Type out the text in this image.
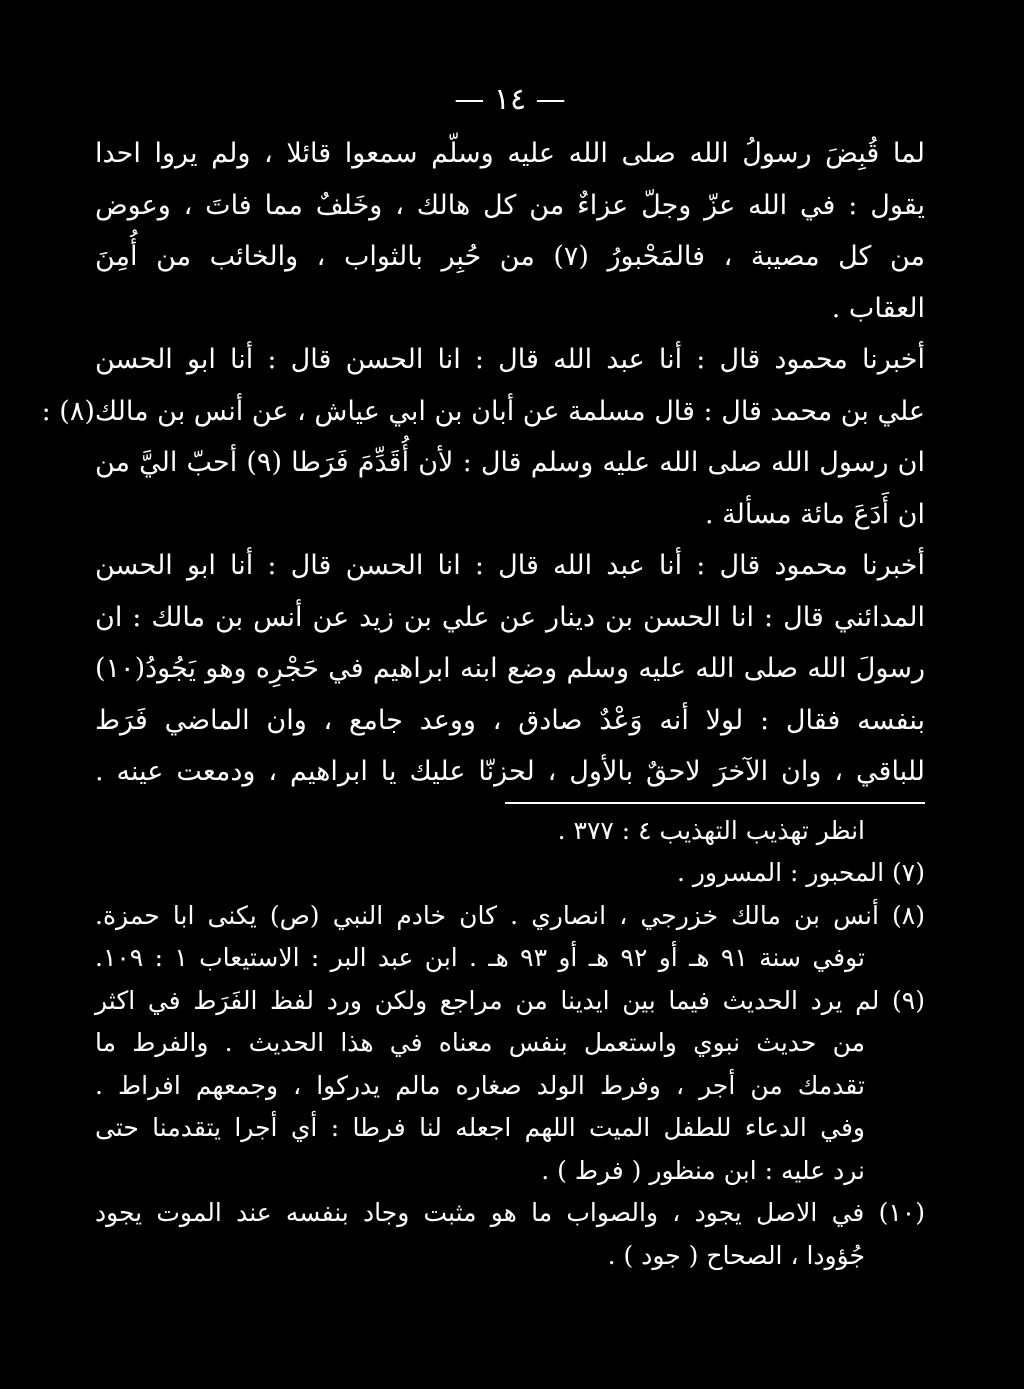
— ١٤ —
لما قُبِضَ رسولُ الله صلى الله عليه وسلّم سمعوا قائلا ، ولم يروا احدا
يقول : في الله عزّ وجلّ عزاءٌ من كل هالك ، وخَلفٌ مما فاتَ ، وعوض
من كل مصيبة ، فالمَحْبورُ (٧) من حُبِر بالثواب ، والخائب من أُمِنَ
العقاب .
أخبرنا محمود قال : أنا عبد الله قال : انا الحسن قال : أنا ابو الحسن
علي بن محمد قال : قال مسلمة عن أبان بن ابي عياش ، عن أنس بن مالك(٨) :
ان رسول الله صلى الله عليه وسلم قال : لأن أُقَدِّمَ فَرَطا (٩) أحبّ اليَّ من
ان أَدَعَ مائة مسألة .
أخبرنا محمود قال : أنا عبد الله قال : انا الحسن قال : أنا ابو الحسن
المدائني قال : انا الحسن بن دينار عن علي بن زيد عن أنس بن مالك : ان
رسولَ الله صلى الله عليه وسلم وضع ابنه ابراهيم في حَجْرِه وهو يَجُودُ(١٠)
بنفسه فقال : لولا أنه وَعْدٌ صادق ، ووعد جامع ، وان الماضي فَرَط
للباقي ، وان الآخرَ لاحقٌ بالأول ، لحزنّا عليك يا ابراهيم ، ودمعت عينه .
انظر تهذيب التهذيب ٤ : ٣٧٧ .
(٧) المحبور : المسرور .
(٨) أنس بن مالك خزرجي ، انصاري . كان خادم النبي (ص) يكنى ابا حمزة.
توفي سنة ٩١ هـ أو ٩٢ هـ أو ٩٣ هـ . ابن عبد البر : الاستيعاب ١ : ١٠٩.
(٩) لم يرد الحديث فيما بين ايدينا من مراجع ولكن ورد لفظ الفَرَط في اكثر
من حديث نبوي واستعمل بنفس معناه في هذا الحديث . والفرط ما
تقدمك من أجر ، وفرط الولد صغاره مالم يدركوا ، وجمعهم افراط .
وفي الدعاء للطفل الميت اللهم اجعله لنا فرطا : أي أجرا يتقدمنا حتى
نرد عليه : ابن منظور ( فرط ) .
(١٠) في الاصل يجود ، والصواب ما هو مثبت وجاد بنفسه عند الموت يجود
جُؤودا ، الصحاح ( جود ) .
